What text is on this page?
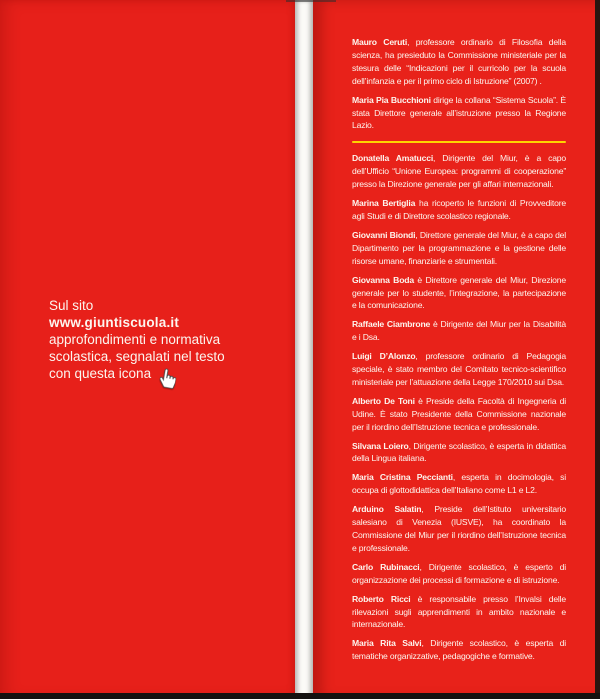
Sul sito
www.giuntiscuola.it
approfondimenti e normativa
scolastica, segnalati nel testo
con questa icona

Mauro Ceruti, professore ordinario di Filosofia della scienza, ha presieduto la Commissione ministeriale per la stesura delle “Indicazioni per il curricolo per la scuola dell’infanzia e per il primo ciclo di Istruzione” (2007) .

Maria Pia Bucchioni dirige la collana “Sistema Scuola”. È stata Direttore generale all’istruzione presso la Regione Lazio.

Donatella Amatucci, Dirigente del Miur, è a capo dell’Ufficio “Unione Europea: programmi di cooperazione” presso la Direzione generale per gli affari internazionali.

Marina Bertiglia ha ricoperto le funzioni di Provveditore agli Studi e di Direttore scolastico regionale.

Giovanni Biondi, Direttore generale del Miur, è a capo del Dipartimento per la programmazione e la gestione delle risorse umane, finanziarie e strumentali.

Giovanna Boda è Direttore generale del Miur, Direzione generale per lo studente, l’integrazione, la partecipazione e la comunicazione.

Raffaele Ciambrone è Dirigente del Miur per la Disabilità e i Dsa.

Luigi D’Alonzo, professore ordinario di Pedagogia speciale, è stato membro del Comitato tecnico-scientifico ministeriale per l’attuazione della Legge 170/2010 sui Dsa.

Alberto De Toni è Preside della Facoltà di Ingegneria di Udine. È stato Presidente della Commissione nazionale per il riordino dell’Istruzione tecnica e professionale.

Silvana Loiero, Dirigente scolastico, è esperta in didattica della Lingua italiana.

Maria Cristina Peccianti, esperta in docimologia, si occupa di glottodidattica dell’Italiano come L1 e L2.

Arduino Salatin, Preside dell’Istituto universitario salesiano di Venezia (IUSVE), ha coordinato la Commissione del Miur per il riordino dell’Istruzione tecnica e professionale.

Carlo Rubinacci, Dirigente scolastico, è esperto di organizzazione dei processi di formazione e di istruzione.

Roberto Ricci è responsabile presso l’Invalsi delle rilevazioni sugli apprendimenti in ambito nazionale e internazionale.

Maria Rita Salvi, Dirigente scolastico, è esperta di tematiche organizzative, pedagogiche e formative.
